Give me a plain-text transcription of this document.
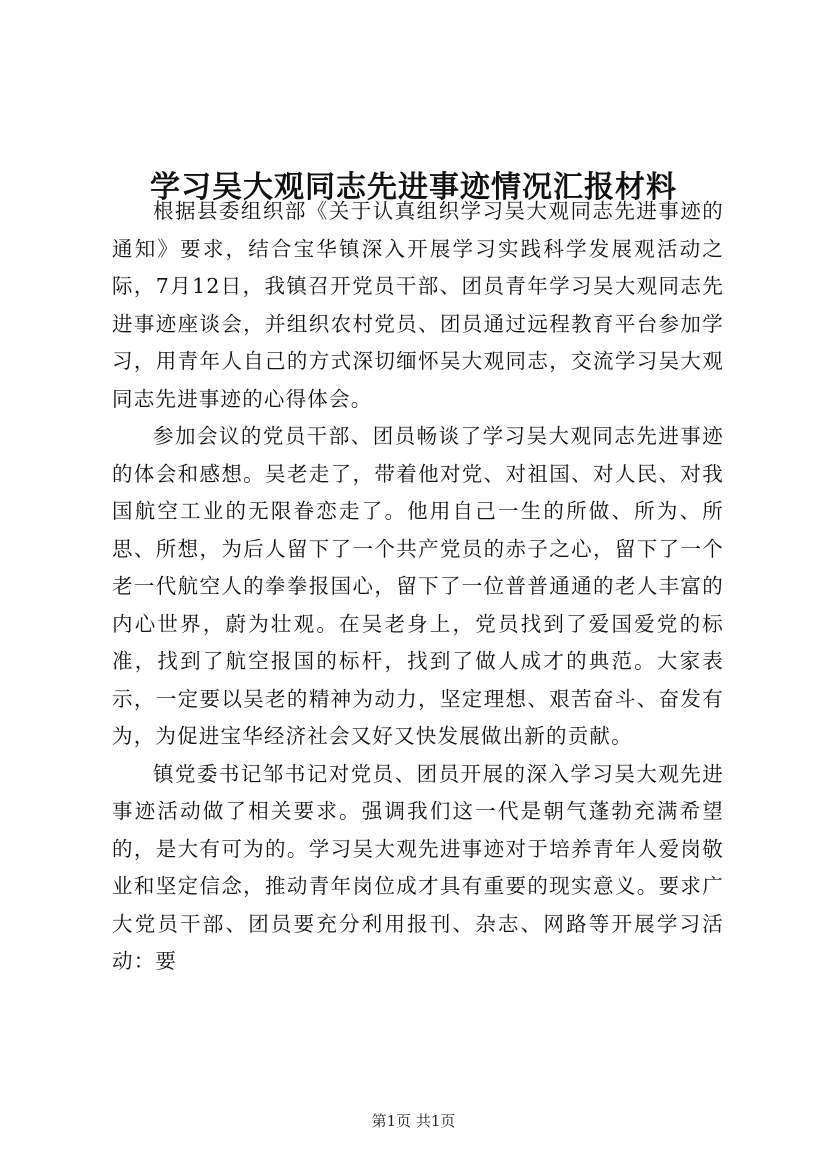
学习吴大观同志先进事迹情况汇报材料

根据县委组织部《关于认真组织学习吴大观同志先进事迹的通知》要求，结合宝华镇深入开展学习实践科学发展观活动之际，7月12日，我镇召开党员干部、团员青年学习吴大观同志先进事迹座谈会，并组织农村党员、团员通过远程教育平台参加学习，用青年人自己的方式深切缅怀吴大观同志，交流学习吴大观同志先进事迹的心得体会。

参加会议的党员干部、团员畅谈了学习吴大观同志先进事迹的体会和感想。吴老走了，带着他对党、对祖国、对人民、对我国航空工业的无限眷恋走了。他用自己一生的所做、所为、所思、所想，为后人留下了一个共产党员的赤子之心，留下了一个老一代航空人的拳拳报国心，留下了一位普普通通的老人丰富的内心世界，蔚为壮观。在吴老身上，党员找到了爱国爱党的标准，找到了航空报国的标杆，找到了做人成才的典范。大家表示，一定要以吴老的精神为动力，坚定理想、艰苦奋斗、奋发有为，为促进宝华经济社会又好又快发展做出新的贡献。

镇党委书记邹书记对党员、团员开展的深入学习吴大观先进事迹活动做了相关要求。强调我们这一代是朝气蓬勃充满希望的，是大有可为的。学习吴大观先进事迹对于培养青年人爱岗敬业和坚定信念，推动青年岗位成才具有重要的现实意义。要求广大党员干部、团员要充分利用报刊、杂志、网路等开展学习活动：要

第1页 共1页
